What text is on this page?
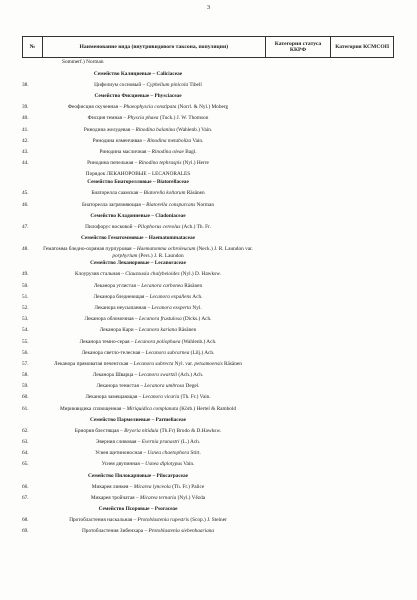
3
№	Наименование вида (внутривидового таксона, популяции)
Категория статуса ККРФ
Категория КСМСОП
Sommerf.) Norman
Семейство Калициевые – Caliciaceae
38.	Цифелиум сосновый – Cyphelium pinicola Tibell
Семейство Фисциевые – Physciaceae
39.	Феофисция скученная – Phaeophyscia constipata (Norrl. & Nyl.) Moberg
40.	Фисция темная – Physcia phaea (Tuck.) J. W. Thomson
41.	Ринодина желудевая – Rinodina balanina (Wahlenb.) Vain.
42.	Ринодина изменчивая – Rinodina metaboliza Vain.
43.	Ринодина масличная – Rinodina oleae Bagl.
44.	Ринодина пепельная – Rinodina tephraspis (Nyl.) Herre
Порядок ЛЕКАНОРОВЫЕ – LECANORALES
Семейство Биаторелловые – Biatorellaceae
45.	Биаторелла саамская – Biatorella koltarum Räsänen
46.	Биаторелла загрязняющая – Biatorella conspurcans Norman
Семейство Кладониевые – Cladoniaceae
47.	Пилофорус восковой – Pilophorus cereolus (Ach.) Th. Fr.
Семейство Гематоммовые – Haematommataceae
48.	Гематомма бледно-охряная пурпуровая – Haematomma ochroleucum (Neck.) J. R. Laundon var. porphyrium (Pers.) J. R. Laundon
Семейство Леканоровые – Lecanoraceae
49.	Клоурузия стальная – Clauzousia chalybeioides (Nyl.) D. Hawksw.
50.	Леканора углистая – Lecanora carbonea Räsänen
51.	Леканора бледнеющая – Lecanora expallens Ach.
52.	Леканора неусыпанная – Lecanora exsperta Nyl.
53.	Леканора обломочная – Lecanora frustulosa (Dicks.) Ach.
54.	Леканора Кари – Lecanora kariana Räsänen
55.	Леканора темно-серая – Lecanora poliophaea (Wahlenb.) Ach.
56.	Леканора светло-телесная – Lecanora subcarnea (Lilj.) Ach.
57.	Леканора прямоватая печенгская – Lecanora subrecta Nyl. var. petsamoensis Räsänen
58.	Леканора Шварца – Lecanora swartzii (Ach.) Ach.
59.	Леканора тенистая – Lecanora umbrosa Degel.
60.	Леканора замещающая – Lecanora vicaria (Th. Fr.) Vain.
61.	Мириквидика сплющенная – Miriquidica complanata (Körb.) Hertel & Rambold
Семейство Пармелиевые – Parmeliaceae
62.	Бриория блестящая – Bryoria nitidula (Th.Fr) Brodo & D.Hawksw.
63.	Эверния сливовая – Evernia prunastri (L.) Ach.
64.	Уснея щетиноносная – Usnea chaetophora Stirt.
65.	Уснея двупинная – Usnea diplotypus Vain.
Семейство Пилокарповые – Pilocarpaceae
66.	Микарея линкея – Micarea lynceola (Th. Fr.) Palice
67.	Микарея тройчатая – Micarea ternaria (Nyl.) Vězda
Семейство Псоровые – Psoraceae
68.	Протобластения наскальная – Protoblastenia rupestris (Scop.) J. Steiner
69.	Протобластения Зибенхара – Protoblastenia siebenhaariana
